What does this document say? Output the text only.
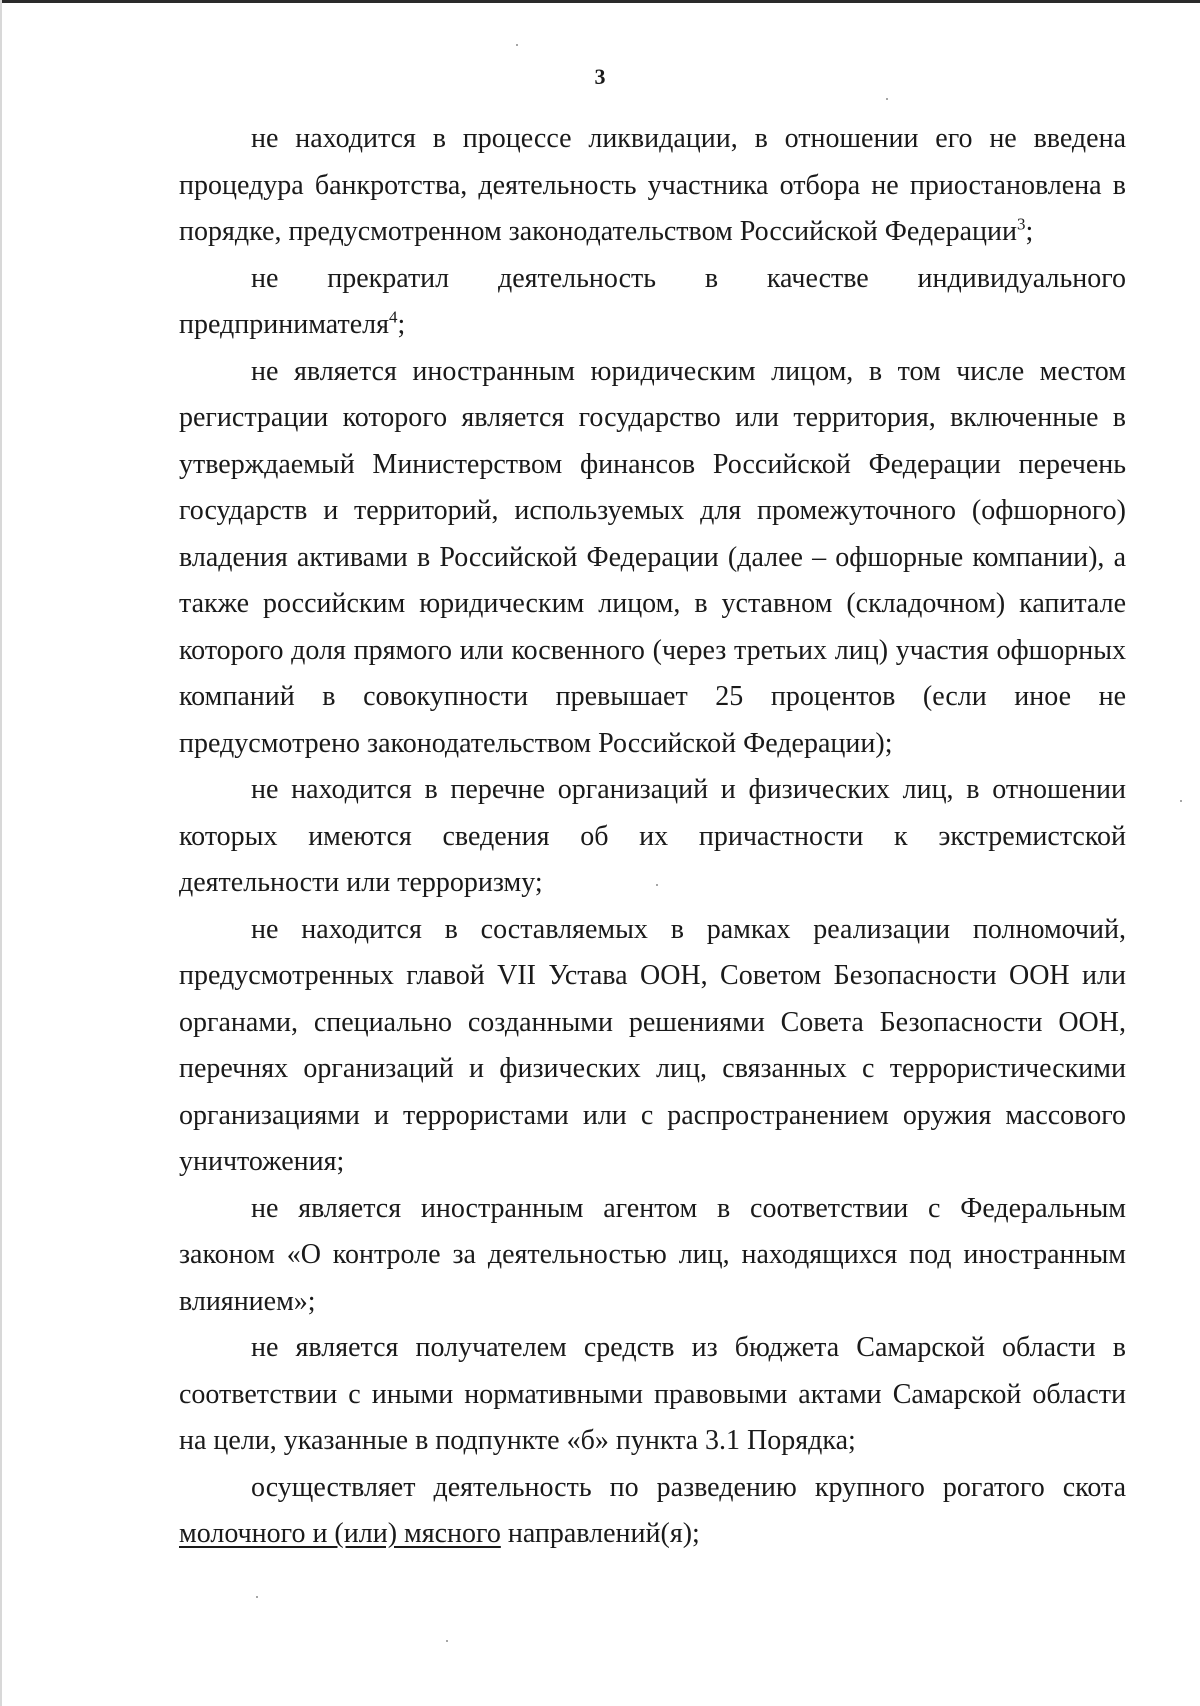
3

не находится в процессе ликвидации, в отношении его не введена процедура банкротства, деятельность участника отбора не приостановлена в порядке, предусмотренном законодательством Российской Федерации$^3$;

не прекратил деятельность в качестве индивидуального предпринимателя$^4$;

не является иностранным юридическим лицом, в том числе местом регистрации которого является государство или территория, включенные в утверждаемый Министерством финансов Российской Федерации перечень государств и территорий, используемых для промежуточного (офшорного) владения активами в Российской Федерации (далее – офшорные компании), а также российским юридическим лицом, в уставном (складочном) капитале которого доля прямого или косвенного (через третьих лиц) участия офшорных компаний в совокупности превышает 25 процентов (если иное не предусмотрено законодательством Российской Федерации);

не находится в перечне организаций и физических лиц, в отношении которых имеются сведения об их причастности к экстремистской деятельности или терроризму;

не находится в составляемых в рамках реализации полномочий, предусмотренных главой VII Устава ООН, Советом Безопасности ООН или органами, специально созданными решениями Совета Безопасности ООН, перечнях организаций и физических лиц, связанных с террористическими организациями и террористами или с распространением оружия массового уничтожения;

не является иностранным агентом в соответствии с Федеральным законом «О контроле за деятельностью лиц, находящихся под иностранным влиянием»;

не является получателем средств из бюджета Самарской области в соответствии с иными нормативными правовыми актами Самарской области на цели, указанные в подпункте «б» пункта 3.1 Порядка;

осуществляет деятельность по разведению крупного рогатого скота молочного и (или) мясного направлений(я);
